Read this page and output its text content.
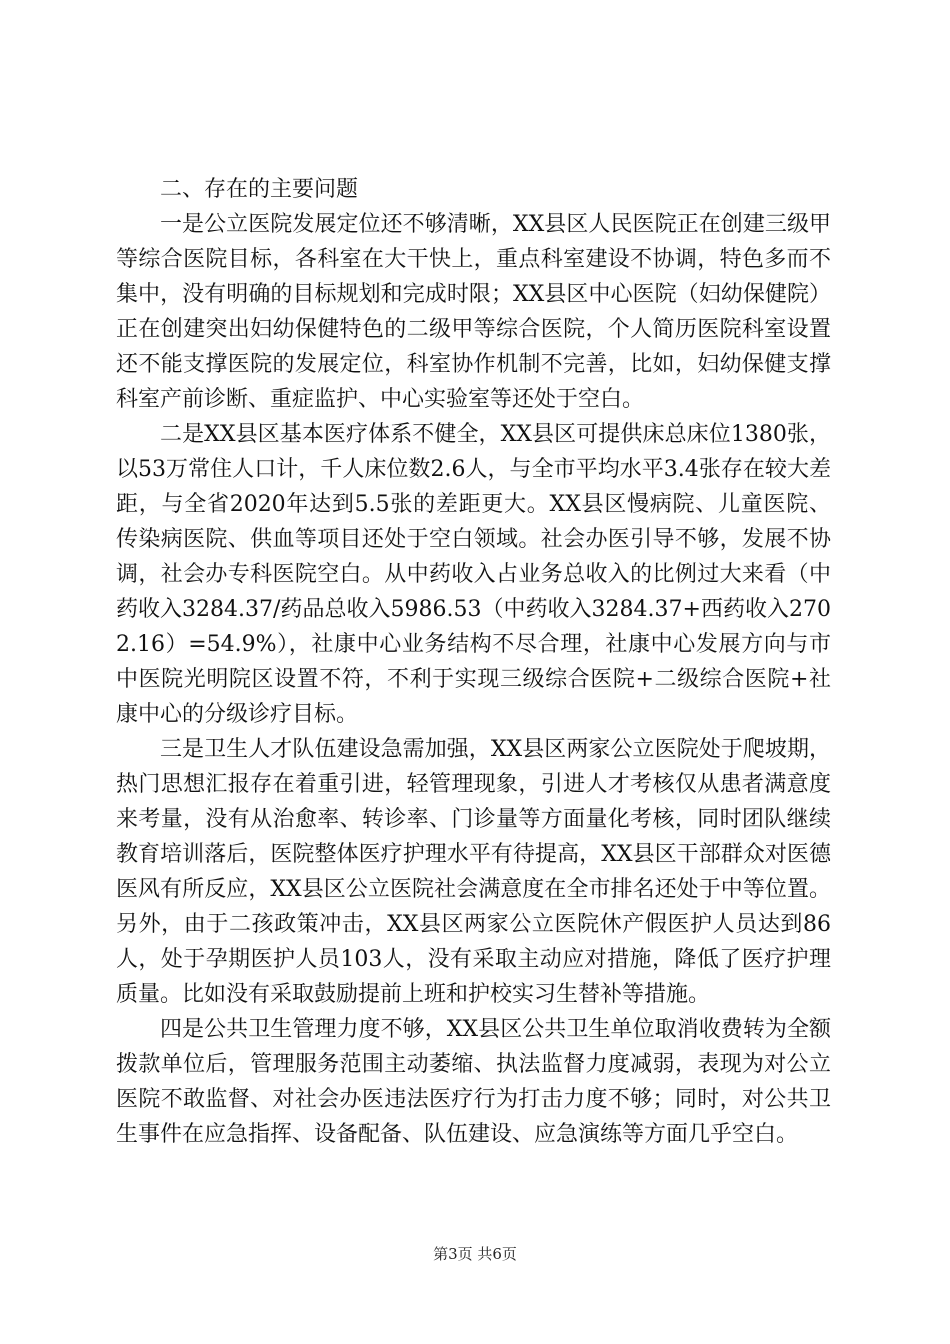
二、存在的主要问题

一是公立医院发展定位还不够清晰，XX县区人民医院正在创建三级甲等综合医院目标，各科室在大干快上，重点科室建设不协调，特色多而不集中，没有明确的目标规划和完成时限；XX县区中心医院（妇幼保健院）正在创建突出妇幼保健特色的二级甲等综合医院，个人简历医院科室设置还不能支撑医院的发展定位，科室协作机制不完善，比如，妇幼保健支撑科室产前诊断、重症监护、中心实验室等还处于空白。

二是XX县区基本医疗体系不健全，XX县区可提供床总床位1380张，以53万常住人口计，千人床位数2.6人，与全市平均水平3.4张存在较大差距，与全省2020年达到5.5张的差距更大。XX县区慢病院、儿童医院、传染病医院、供血等项目还处于空白领域。社会办医引导不够，发展不协调，社会办专科医院空白。从中药收入占业务总收入的比例过大来看（中药收入3284.37/药品总收入5986.53（中药收入3284.37+西药收入2702.16）=54.9%），社康中心业务结构不尽合理，社康中心发展方向与市中医院光明院区设置不符，不利于实现三级综合医院+二级综合医院+社康中心的分级诊疗目标。

三是卫生人才队伍建设急需加强，XX县区两家公立医院处于爬坡期，热门思想汇报存在着重引进，轻管理现象，引进人才考核仅从患者满意度来考量，没有从治愈率、转诊率、门诊量等方面量化考核，同时团队继续教育培训落后，医院整体医疗护理水平有待提高，XX县区干部群众对医德医风有所反应，XX县区公立医院社会满意度在全市排名还处于中等位置。另外，由于二孩政策冲击，XX县区两家公立医院休产假医护人员达到86人，处于孕期医护人员103人，没有采取主动应对措施，降低了医疗护理质量。比如没有采取鼓励提前上班和护校实习生替补等措施。

四是公共卫生管理力度不够，XX县区公共卫生单位取消收费转为全额拨款单位后，管理服务范围主动萎缩、执法监督力度减弱，表现为对公立医院不敢监督、对社会办医违法医疗行为打击力度不够；同时，对公共卫生事件在应急指挥、设备配备、队伍建设、应急演练等方面几乎空白。

第3页 共6页
